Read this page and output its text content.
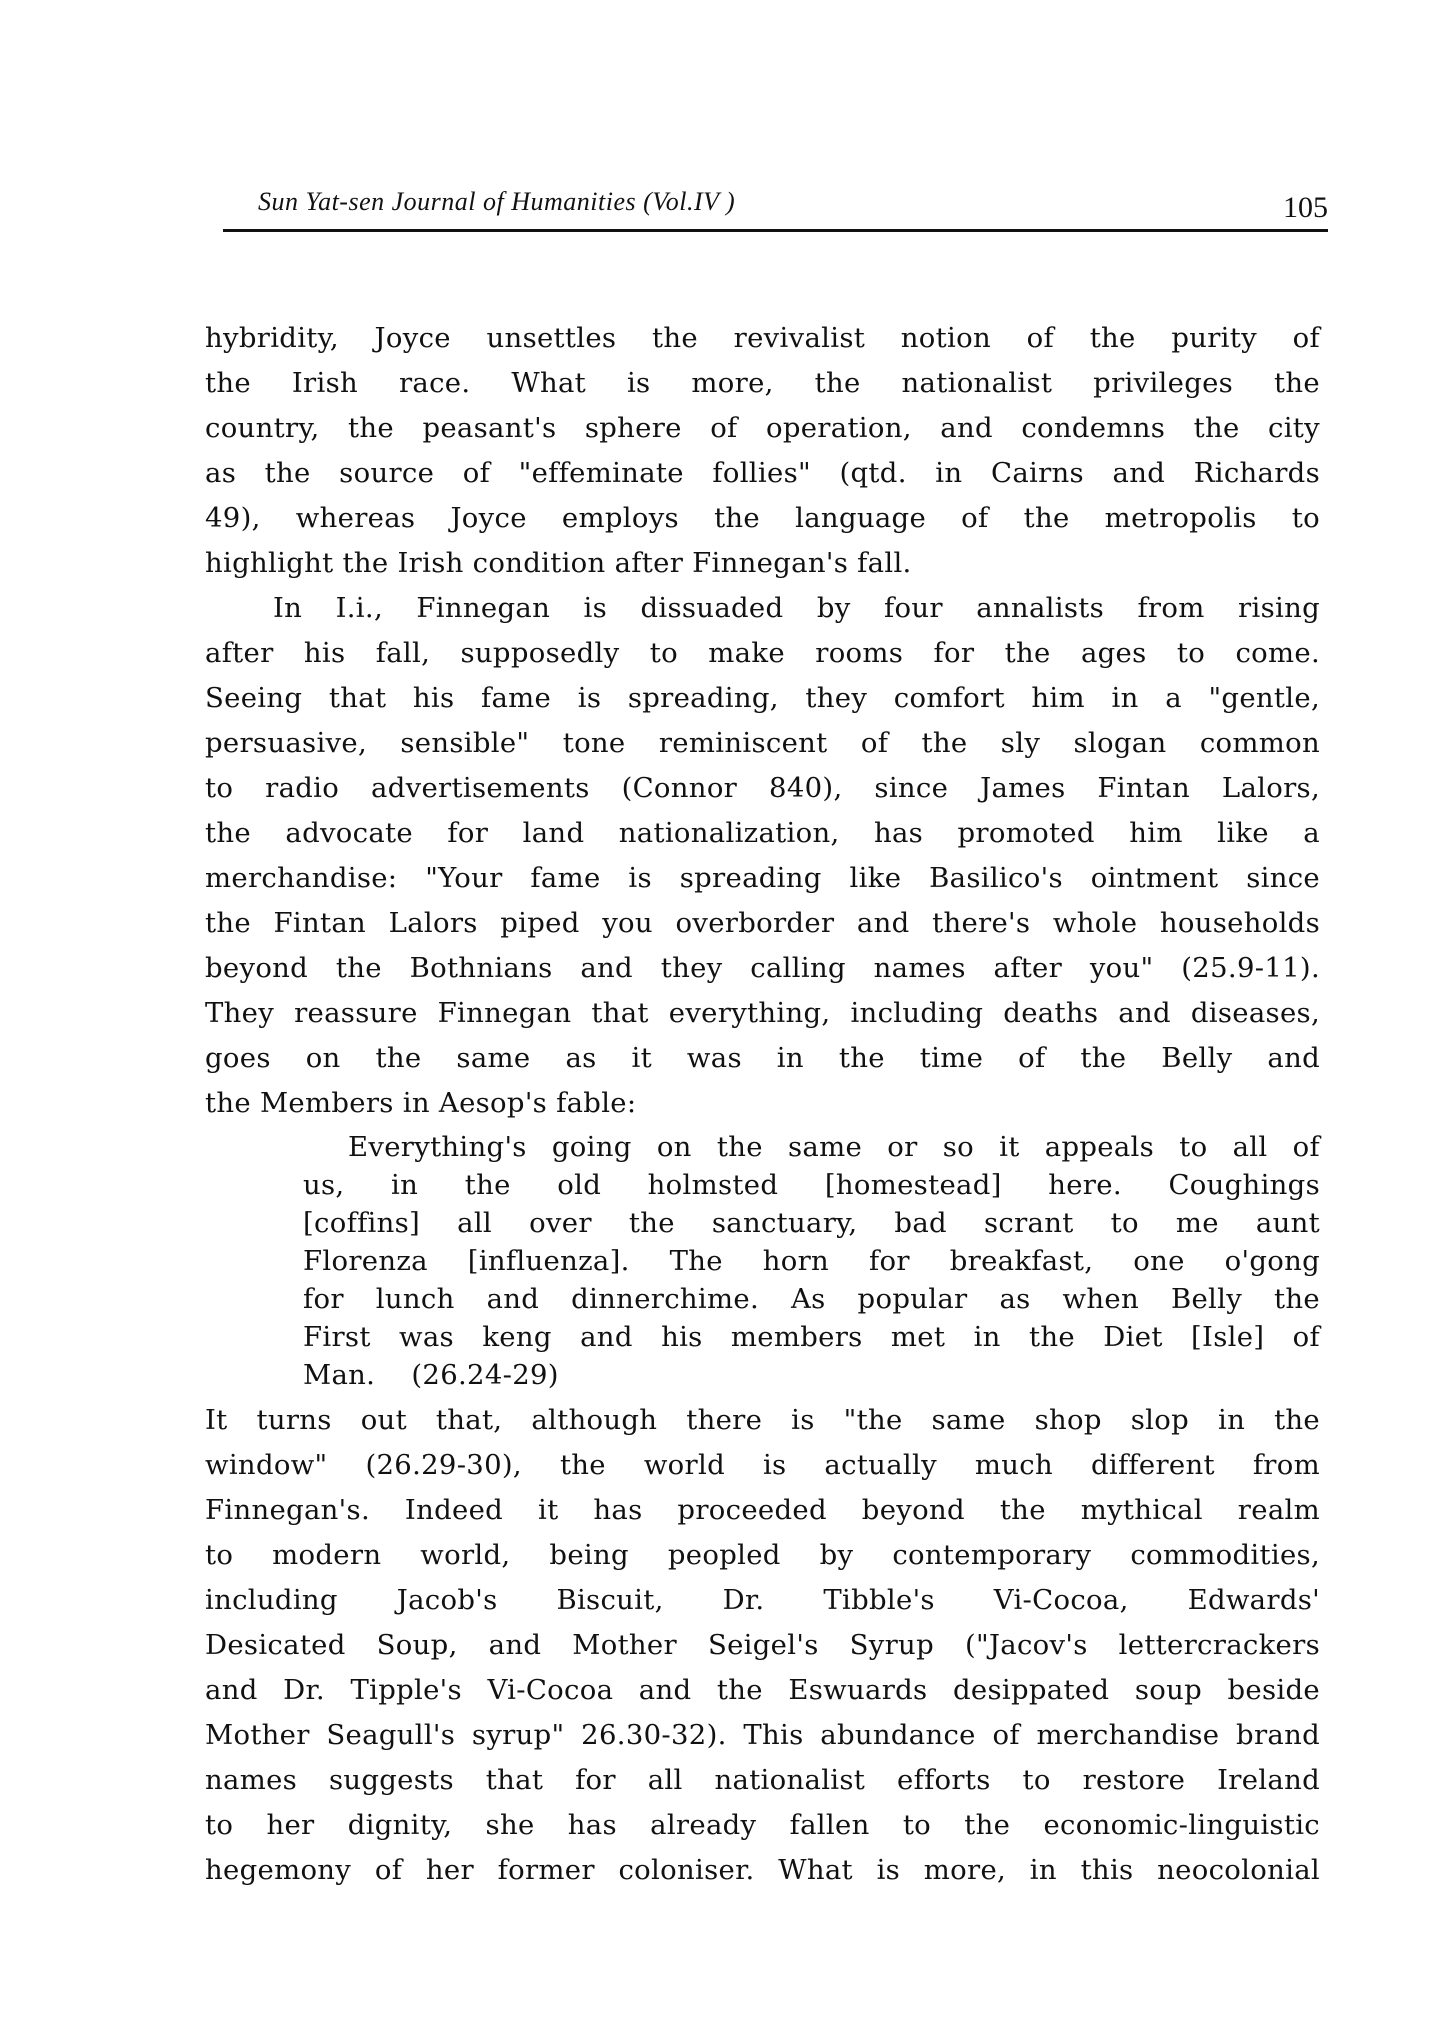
Sun Yat-sen Journal of Humanities (Vol.IV )	105
hybridity, Joyce unsettles the revivalist notion of the purity of
the Irish race. What is more, the nationalist privileges the
country, the peasant's sphere of operation, and condemns the city
as the source of "effeminate follies" (qtd. in Cairns and Richards
49), whereas Joyce employs the language of the metropolis to
highlight the Irish condition after Finnegan's fall.
In I.i., Finnegan is dissuaded by four annalists from rising
after his fall, supposedly to make rooms for the ages to come.
Seeing that his fame is spreading, they comfort him in a "gentle,
persuasive, sensible" tone reminiscent of the sly slogan common
to radio advertisements (Connor 840), since James Fintan Lalors,
the advocate for land nationalization, has promoted him like a
merchandise: "Your fame is spreading like Basilico's ointment since
the Fintan Lalors piped you overborder and there's whole households
beyond the Bothnians and they calling names after you" (25.9-11).
They reassure Finnegan that everything, including deaths and diseases,
goes on the same as it was in the time of the Belly and
the Members in Aesop's fable:
Everything's going on the same or so it appeals to all of
us, in the old holmsted [homestead] here. Coughings
[coffins] all over the sanctuary, bad scrant to me aunt
Florenza [influenza]. The horn for breakfast, one o'gong
for lunch and dinnerchime. As popular as when Belly the
First was keng and his members met in the Diet [Isle] of
Man.    (26.24-29)
It turns out that, although there is "the same shop slop in the
window" (26.29-30), the world is actually much different from
Finnegan's. Indeed it has proceeded beyond the mythical realm
to modern world, being peopled by contemporary commodities,
including Jacob's Biscuit, Dr. Tibble's Vi-Cocoa, Edwards'
Desicated Soup, and Mother Seigel's Syrup ("Jacov's lettercrackers
and Dr. Tipple's Vi-Cocoa and the Eswuards desippated soup beside
Mother Seagull's syrup" 26.30-32). This abundance of merchandise brand
names suggests that for all nationalist efforts to restore Ireland
to her dignity, she has already fallen to the economic-linguistic
hegemony of her former coloniser. What is more, in this neocolonial
